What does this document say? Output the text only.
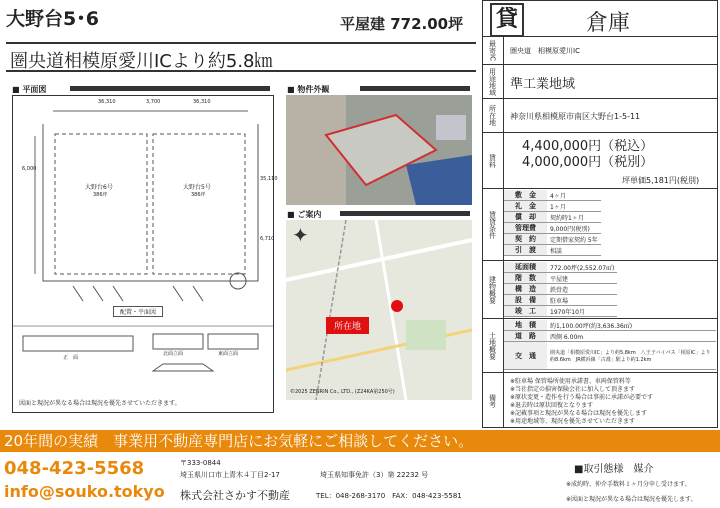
大野台5･6	平屋建 772.00坪
圏央道相模原愛川ICより約5.8㎞
■ 平面図
36,310	3,700	36,310
6,000
35,110
6,710
大野台6号
386坪
大野台5号
386坪
配置・平面図
正　面
北面立面	東面立面
図面と現況が異なる場合は現況を優先させていただきます。
■ 物件外観
■ ご案内
✦
所在地
©2025 ZENRIN Co., LTD., (Z24KA第250号)
貸	倉庫
最寄IC	圏央道　相模原愛川IC
用途地域	準工業地域
所在地	神奈川県相模原市南区大野台1-5-11
賃料
4,400,000円（税込）
4,000,000円（税別）
坪単価5,181円(税別)
賃貸条件
敷　金	4ヶ月
礼　金	1ヶ月
償　却	契約時1ヶ月
管理費	9,000円(税別)
契　約	定期借家契約 5年
引　渡	相談
建物概要
延面積	772.00坪(2,552.07㎡)
階　数	平屋建
構　造	鉄骨造
設　備	駐車場
竣　工	1970年10月
土地概要
地　積	約1,100.00坪(約3,636.36㎡)
道　路	西側 6.00m
交　通	圏央道「相模原愛川IC」より約5.8km　八王子バイパス「相原IC」より約8.6km　JR横浜線「古淵」駅より約1.2km
備考
※駐車場 保管場所使用承諾書、車両保管料等
※当社指定の損害保険会社に加入して頂きます
※原状変更・造作を行う場合は事前に承諾が必要です
※退去時は原状回復となります
※記載事項と現況が異なる場合は現況を優先します
※用途地域等、現況を優先させていただきます
20年間の実績　事業用不動産専門店にお気軽にご相談してください。
048-423-5568
info@souko.tokyo
〒333-0844
埼玉県川口市上青木４丁目2-17	埼玉県知事免許（3）第 22232 号
株式会社さかす不動産	TEL：048-268-3170　FAX：048-423-5581
■取引態様　媒介
※成約時、仲介手数料１ヶ月分申し受けます。
※図面と現況が異なる場合は現況を優先します。
